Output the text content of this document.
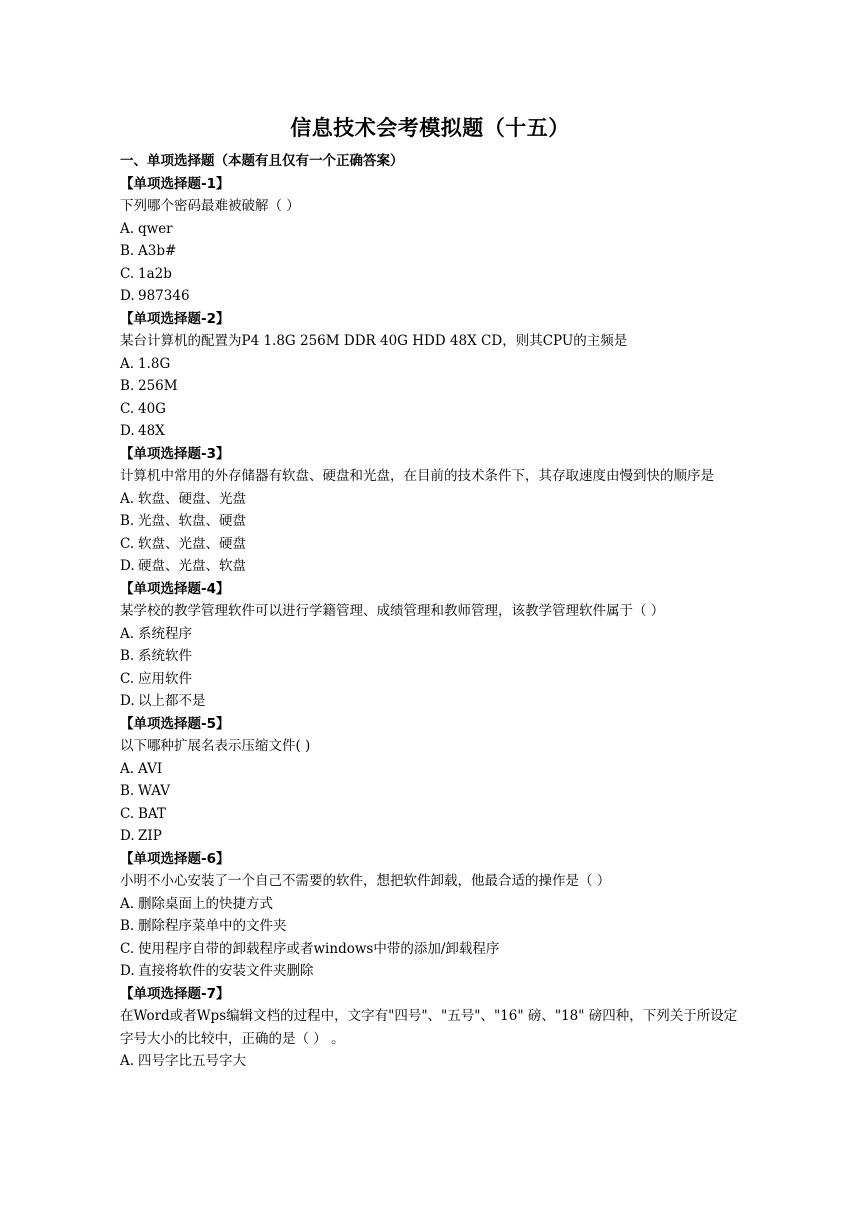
信息技术会考模拟题（十五）
一、单项选择题（本题有且仅有一个正确答案）
【单项选择题-1】
下列哪个密码最难被破解（ ）
A. qwer
B. A3b#
C. 1a2b
D. 987346
【单项选择题-2】
某台计算机的配置为P4 1.8G 256M DDR 40G HDD 48X CD，则其CPU的主频是
A. 1.8G
B. 256M
C. 40G
D. 48X
【单项选择题-3】
计算机中常用的外存储器有软盘、硬盘和光盘，在目前的技术条件下，其存取速度由慢到快的顺序是
A. 软盘、硬盘、光盘
B. 光盘、软盘、硬盘
C. 软盘、光盘、硬盘
D. 硬盘、光盘、软盘
【单项选择题-4】
某学校的教学管理软件可以进行学籍管理、成绩管理和教师管理，该教学管理软件属于（ ）
A. 系统程序
B. 系统软件
C. 应用软件
D. 以上都不是
【单项选择题-5】
以下哪种扩展名表示压缩文件( )
A. AVI
B. WAV
C. BAT
D. ZIP
【单项选择题-6】
小明不小心安装了一个自己不需要的软件，想把软件卸载，他最合适的操作是（ ）
A. 删除桌面上的快捷方式
B. 删除程序菜单中的文件夹
C. 使用程序自带的卸载程序或者windows中带的添加/卸载程序
D. 直接将软件的安装文件夹删除
【单项选择题-7】
在Word或者Wps编辑文档的过程中，文字有"四号"、"五号"、"16" 磅、"18" 磅四种，下列关于所设定字号大小的比较中，正确的是（ ） 。
A. 四号字比五号字大
